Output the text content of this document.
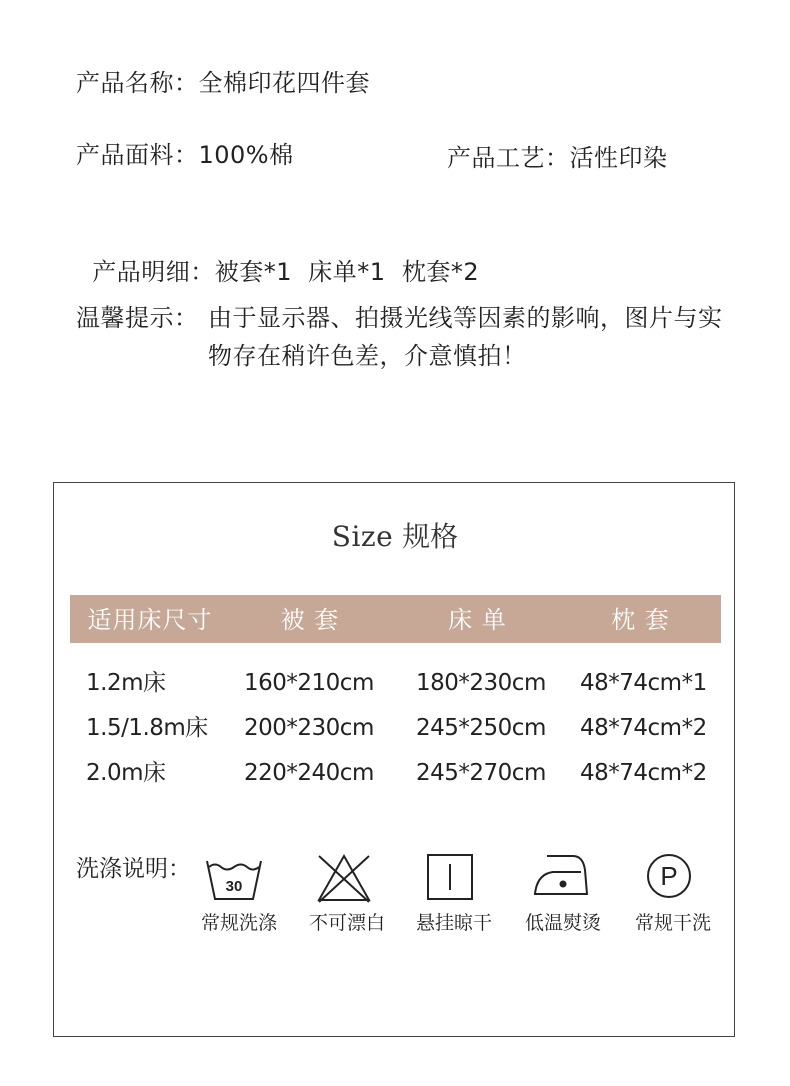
产品名称：全棉印花四件套
产品面料：100%棉	产品工艺：活性印染

产品明细：被套*1  床单*1  枕套*2

温馨提示： 由于显示器、拍摄光线等因素的影响，图片与实物存在稍许色差，介意慎拍！
Size 规格
适用床尺寸	被 套	床 单	枕 套
1.2m床	160*210cm 180*230cm 48*74cm*1
1.5/1.8m床 200*230cm 245*250cm 48*74cm*2
2.0m床	220*240cm 245*270cm 48*74cm*2
洗涤说明：
30	P
常规洗涤	不可漂白	悬挂晾干	低温熨烫	常规干洗
